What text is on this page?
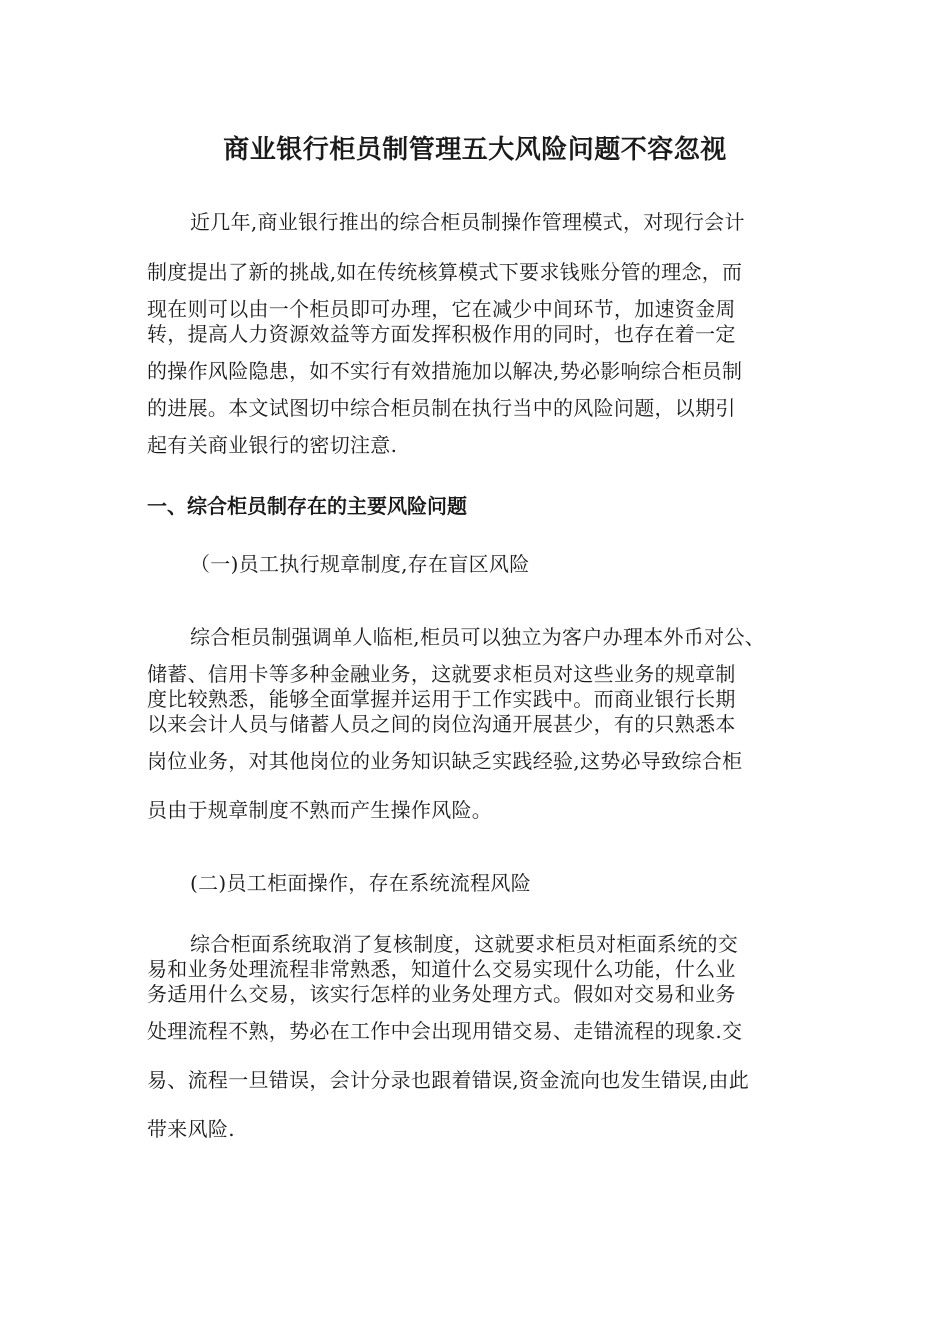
商业银行柜员制管理五大风险问题不容忽视
近几年,商业银行推出的综合柜员制操作管理模式，对现行会计
制度提出了新的挑战,如在传统核算模式下要求钱账分管的理念，而
现在则可以由一个柜员即可办理，它在减少中间环节，加速资金周
转，提高人力资源效益等方面发挥积极作用的同时，也存在着一定
的操作风险隐患，如不实行有效措施加以解决,势必影响综合柜员制
的进展。本文试图切中综合柜员制在执行当中的风险问题，以期引
起有关商业银行的密切注意.
一、综合柜员制存在的主要风险问题
（一)员工执行规章制度,存在盲区风险
综合柜员制强调单人临柜,柜员可以独立为客户办理本外币对公、
储蓄、信用卡等多种金融业务，这就要求柜员对这些业务的规章制
度比较熟悉，能够全面掌握并运用于工作实践中。而商业银行长期
以来会计人员与储蓄人员之间的岗位沟通开展甚少，有的只熟悉本
岗位业务，对其他岗位的业务知识缺乏实践经验,这势必导致综合柜
员由于规章制度不熟而产生操作风险。
(二)员工柜面操作，存在系统流程风险
综合柜面系统取消了复核制度，这就要求柜员对柜面系统的交
易和业务处理流程非常熟悉，知道什么交易实现什么功能，什么业
务适用什么交易，该实行怎样的业务处理方式。假如对交易和业务
处理流程不熟，势必在工作中会出现用错交易、走错流程的现象.交
易、流程一旦错误，会计分录也跟着错误,资金流向也发生错误,由此
带来风险.
